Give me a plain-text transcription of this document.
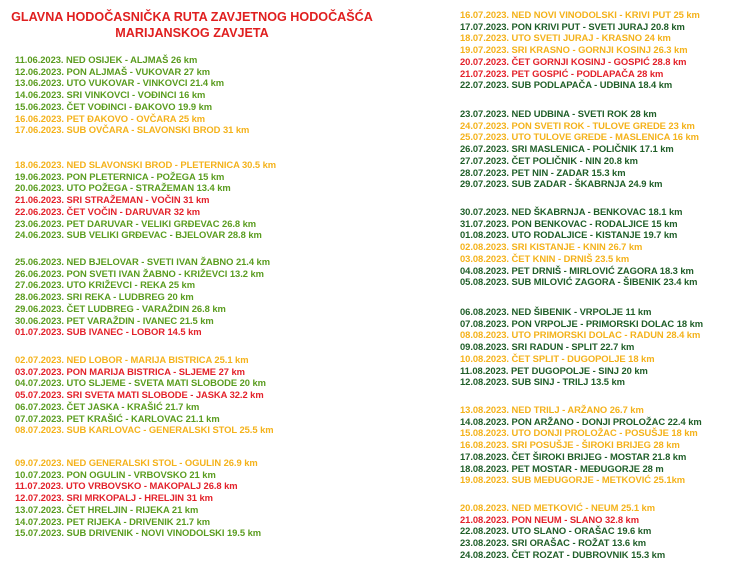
GLAVNA HODOČASNIČKA RUTA ZAVJETNOG HODOČAŠĆA
MARIJANSKOG ZAVJETA
11.06.2023. NED OSIJEK - ALJMAŠ 26 km
12.06.2023. PON ALJMAŠ - VUKOVAR 27 km
13.06.2023. UTO VUKOVAR - VINKOVCI 21.4 km
14.06.2023. SRI VINKOVCI - VOĐINCI 16 km
15.06.2023. ČET VOĐINCI - ĐAKOVO 19.9 km
16.06.2023. PET ĐAKOVO - OVČARA 25 km
17.06.2023. SUB OVČARA - SLAVONSKI BROD 31 km
18.06.2023. NED SLAVONSKI BROD - PLETERNICA 30.5 km
19.06.2023. PON PLETERNICA - POŽEGA 15 km
20.06.2023. UTO POŽEGA - STRAŽEMAN 13.4 km
21.06.2023. SRI STRAŽEMAN - VOČIN 31 km
22.06.2023. ČET VOČIN - DARUVAR 32 km
23.06.2023. PET DARUVAR - VELIKI GRĐEVAC 26.8 km
24.06.2023. SUB VELIKI GRĐEVAC - BJELOVAR 28.8 km
25.06.2023. NED BJELOVAR - SVETI IVAN ŽABNO 21.4 km
26.06.2023. PON SVETI IVAN ŽABNO - KRIŽEVCI 13.2 km
27.06.2023. UTO KRIŽEVCI - REKA 25 km
28.06.2023. SRI REKA - LUDBREG 20 km
29.06.2023. ČET LUDBREG - VARAŽDIN 26.8 km
30.06.2023. PET VARAŽDIN - IVANEC 21.5 km
01.07.2023. SUB IVANEC - LOBOR 14.5 km
02.07.2023. NED LOBOR - MARIJA BISTRICA 25.1 km
03.07.2023. PON MARIJA BISTRICA - SLJEME 27 km
04.07.2023. UTO SLJEME - SVETA MATI SLOBODE 20 km
05.07.2023. SRI SVETA MATI SLOBODE - JASKA 32.2 km
06.07.2023. ČET JASKA - KRAŠIĆ 21.7 km
07.07.2023. PET KRAŠIĆ - KARLOVAC 21.1 km
08.07.2023. SUB KARLOVAC - GENERALSKI STOL 25.5 km
09.07.2023. NED GENERALSKI STOL - OGULIN 26.9 km
10.07.2023. PON OGULIN - VRBOVSKO 21 km
11.07.2023. UTO VRBOVSKO - MAKOPALJ 26.8 km
12.07.2023. SRI MRKOPALJ - HRELJIN 31 km
13.07.2023. ČET HRELJIN - RIJEKA 21 km
14.07.2023. PET RIJEKA - DRIVENIK 21.7 km
15.07.2023. SUB DRIVENIK - NOVI VINODOLSKI 19.5 km
16.07.2023. NED NOVI VINODOLSKI - KRIVI PUT 25 km
17.07.2023. PON KRIVI PUT - SVETI JURAJ 20.8 km
18.07.2023. UTO SVETI JURAJ - KRASNO 24 km
19.07.2023. SRI KRASNO - GORNJI KOSINJ 26.3 km
20.07.2023. ČET GORNJI KOSINJ - GOSPIĆ 28.8 km
21.07.2023. PET GOSPIĆ - PODLAPAČA 28 km
22.07.2023. SUB PODLAPAČA - UDBINA 18.4 km
23.07.2023. NED UDBINA - SVETI ROK 28 km
24.07.2023. PON SVETI ROK - TULOVE GREDE 23 km
25.07.2023. UTO TULOVE GREDE - MASLENICA 16 km
26.07.2023. SRI MASLENICA - POLIČNIK 17.1 km
27.07.2023. ČET POLIČNIK - NIN 20.8 km
28.07.2023. PET NIN - ZADAR 15.3 km
29.07.2023. SUB ZADAR - ŠKABRNJA 24.9 km
30.07.2023. NED ŠKABRNJA - BENKOVAC 18.1 km
31.07.2023. PON BENKOVAC - RODALJICE 15 km
01.08.2023. UTO RODALJICE - KISTANJE 19.7 km
02.08.2023. SRI KISTANJE - KNIN 26.7 km
03.08.2023. ČET KNIN - DRNIŠ 23.5 km
04.08.2023. PET DRNIŠ - MIRLOVIĆ ZAGORA 18.3 km
05.08.2023. SUB MILOVIĆ ZAGORA - ŠIBENIK 23.4 km
06.08.2023. NED ŠIBENIK - VRPOLJE 11 km
07.08.2023. PON VRPOLJE - PRIMORSKI DOLAC 18 km
08.08.2023. UTO PRIMORSKI DOLAC - RADUN 28.4 km
09.08.2023. SRI RADUN - SPLIT 22.7 km
10.08.2023. ČET SPLIT - DUGOPOLJE 18 km
11.08.2023. PET DUGOPOLJE - SINJ 20 km
12.08.2023. SUB SINJ - TRILJ 13.5 km
13.08.2023. NED TRILJ - ARŽANO 26.7 km
14.08.2023. PON ARŽANO - DONJI PROLOŽAC 22.4 km
15.08.2023. UTO DONJI PROLOŽAC - POSUŠJE 18 km
16.08.2023. SRI POSUŠJE - ŠIROKI BRIJEG 28 km
17.08.2023. ČET ŠIROKI BRIJEG - MOSTAR 21.8 km
18.08.2023. PET MOSTAR - MEĐUGORJE 28 m
19.08.2023. SUB MEĐUGORJE - METKOVIĆ 25.1km
20.08.2023. NED METKOVIĆ - NEUM 25.1 km
21.08.2023. PON NEUM - SLANO 32.8 km
22.08.2023. UTO SLANO - ORAŠAC 19.6 km
23.08.2023. SRI ORAŠAC - ROŽAT 13.6 km
24.08.2023. ČET ROZAT - DUBROVNIK 15.3 km
